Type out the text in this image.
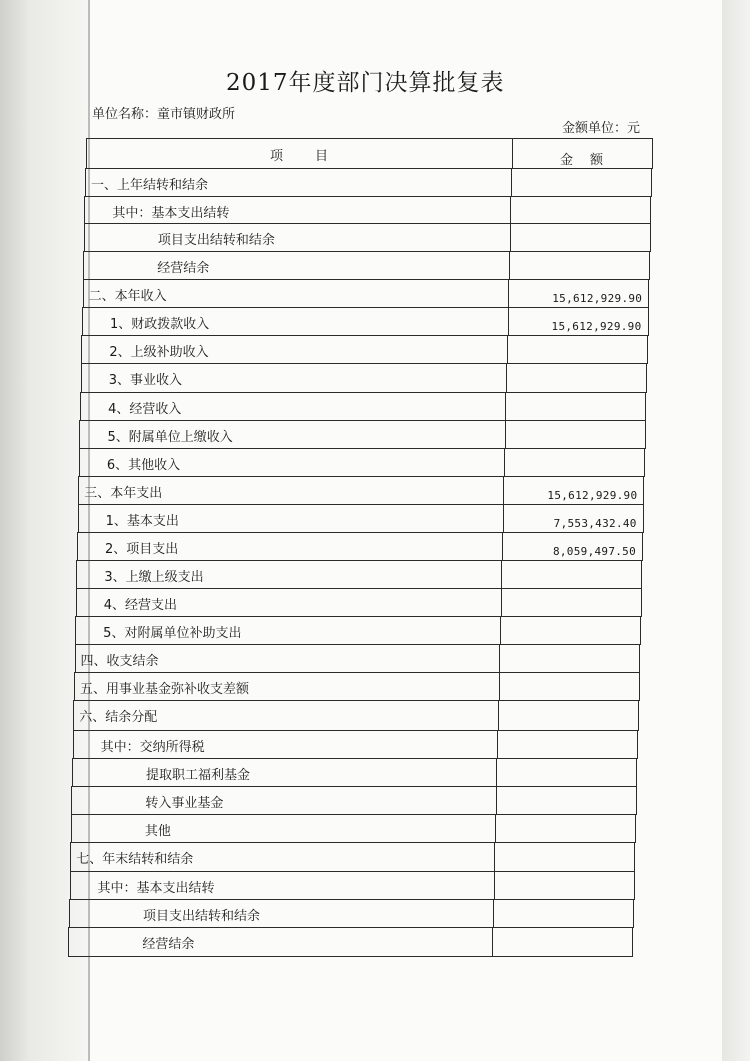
2017年度部门决算批复表
单位名称：童市镇财政所
金额单位：元
项　　目	金　额
一、上年结转和结余
其中：基本支出结转
项目支出结转和结余
经营结余
二、本年收入	15,612,929.90
1、财政拨款收入	15,612,929.90
2、上级补助收入
3、事业收入
4、经营收入
5、附属单位上缴收入
6、其他收入
三、本年支出	15,612,929.90
1、基本支出	7,553,432.40
2、项目支出	8,059,497.50
3、上缴上级支出
4、经营支出
5、对附属单位补助支出
四、收支结余
五、用事业基金弥补收支差额
六、结余分配
其中：交纳所得税
提取职工福利基金
转入事业基金
其他
七、年末结转和结余
其中：基本支出结转
项目支出结转和结余
经营结余
